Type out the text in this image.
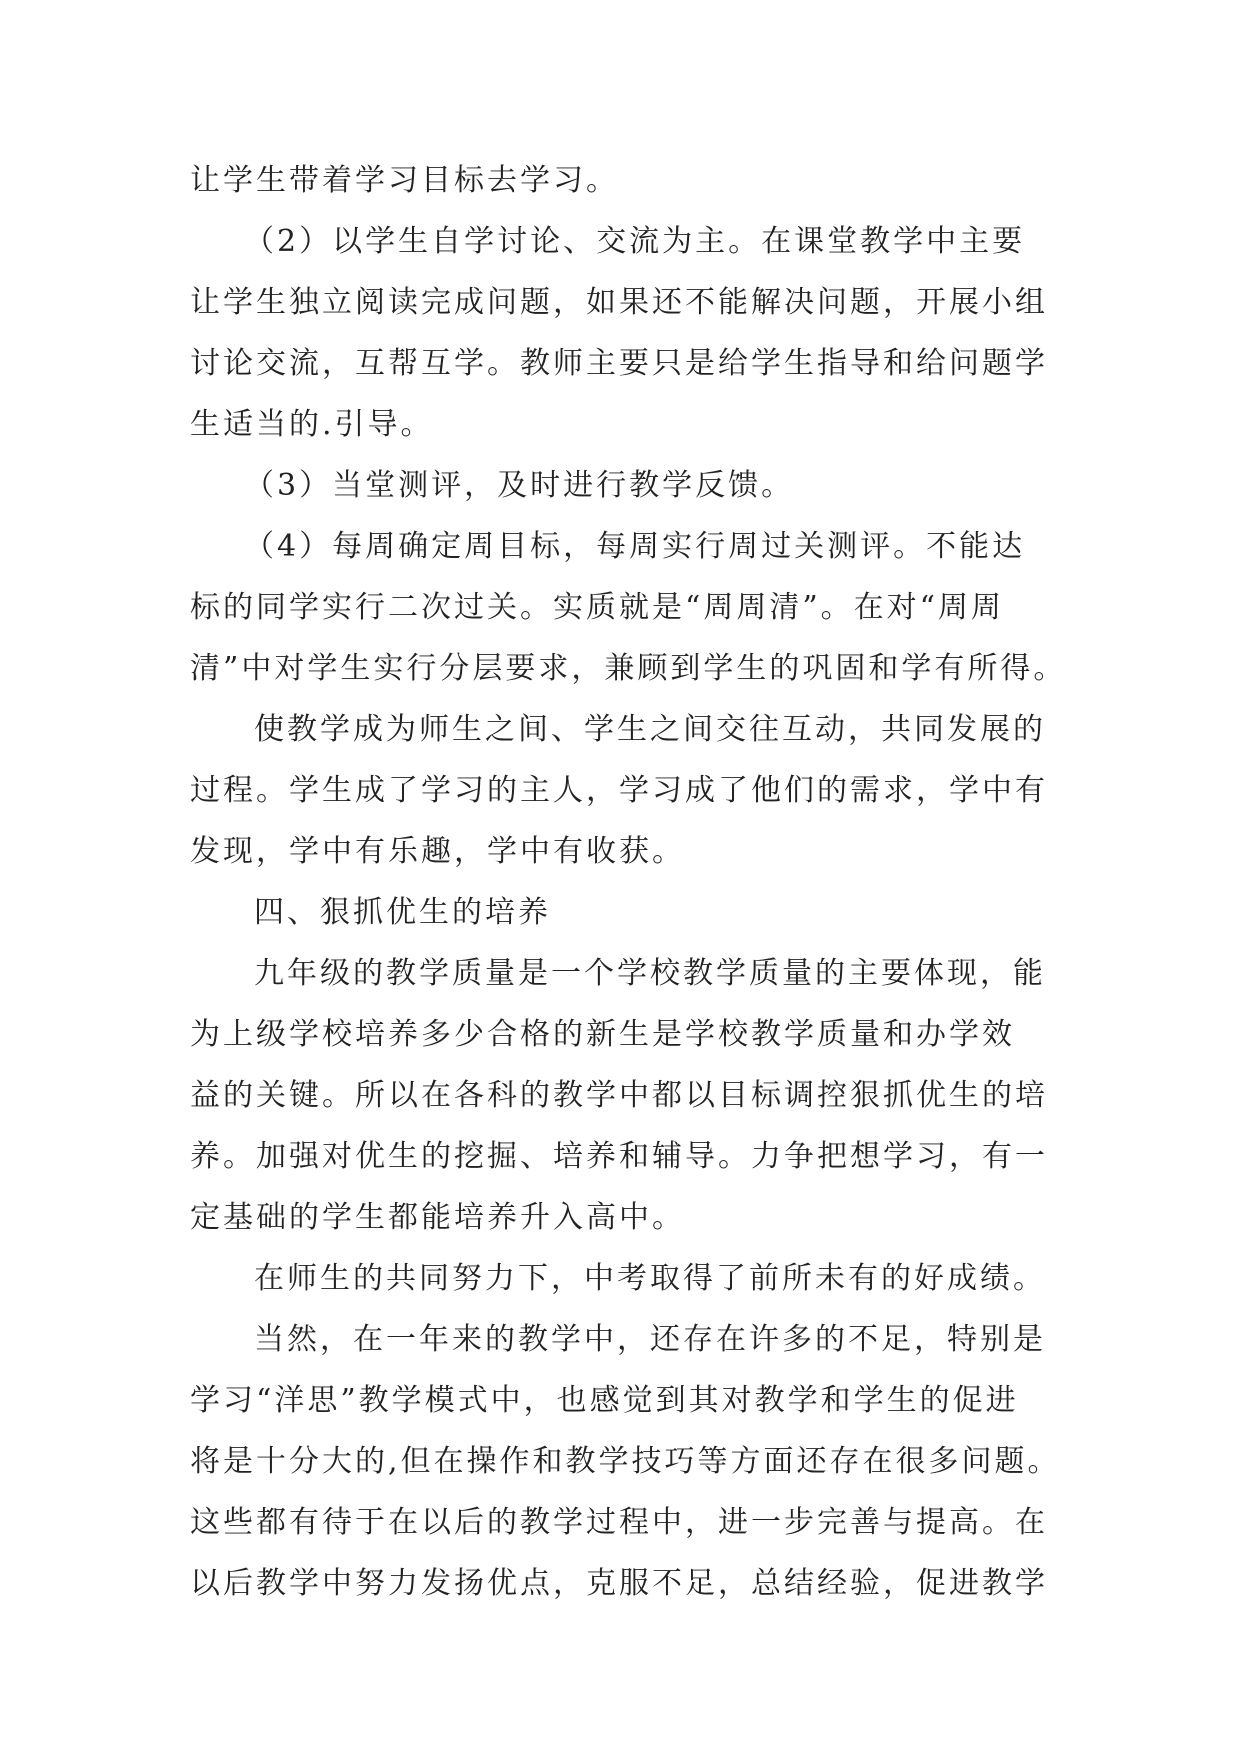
让学生带着学习目标去学习。
（2）以学生自学讨论、交流为主。在课堂教学中主要
让学生独立阅读完成问题，如果还不能解决问题，开展小组
讨论交流，互帮互学。教师主要只是给学生指导和给问题学
生适当的.引导。
（3）当堂测评，及时进行教学反馈。
（4）每周确定周目标，每周实行周过关测评。不能达
标的同学实行二次过关。实质就是“周周清”。在对“周周
清”中对学生实行分层要求，兼顾到学生的巩固和学有所得。
使教学成为师生之间、学生之间交往互动，共同发展的
过程。学生成了学习的主人，学习成了他们的需求，学中有
发现，学中有乐趣，学中有收获。
四、狠抓优生的培养
九年级的教学质量是一个学校教学质量的主要体现，能
为上级学校培养多少合格的新生是学校教学质量和办学效
益的关键。所以在各科的教学中都以目标调控狠抓优生的培
养。加强对优生的挖掘、培养和辅导。力争把想学习，有一
定基础的学生都能培养升入高中。
在师生的共同努力下，中考取得了前所未有的好成绩。
当然，在一年来的教学中，还存在许多的不足，特别是
学习“洋思”教学模式中，也感觉到其对教学和学生的促进
将是十分大的,但在操作和教学技巧等方面还存在很多问题。
这些都有待于在以后的教学过程中，进一步完善与提高。在
以后教学中努力发扬优点，克服不足，总结经验，促进教学
